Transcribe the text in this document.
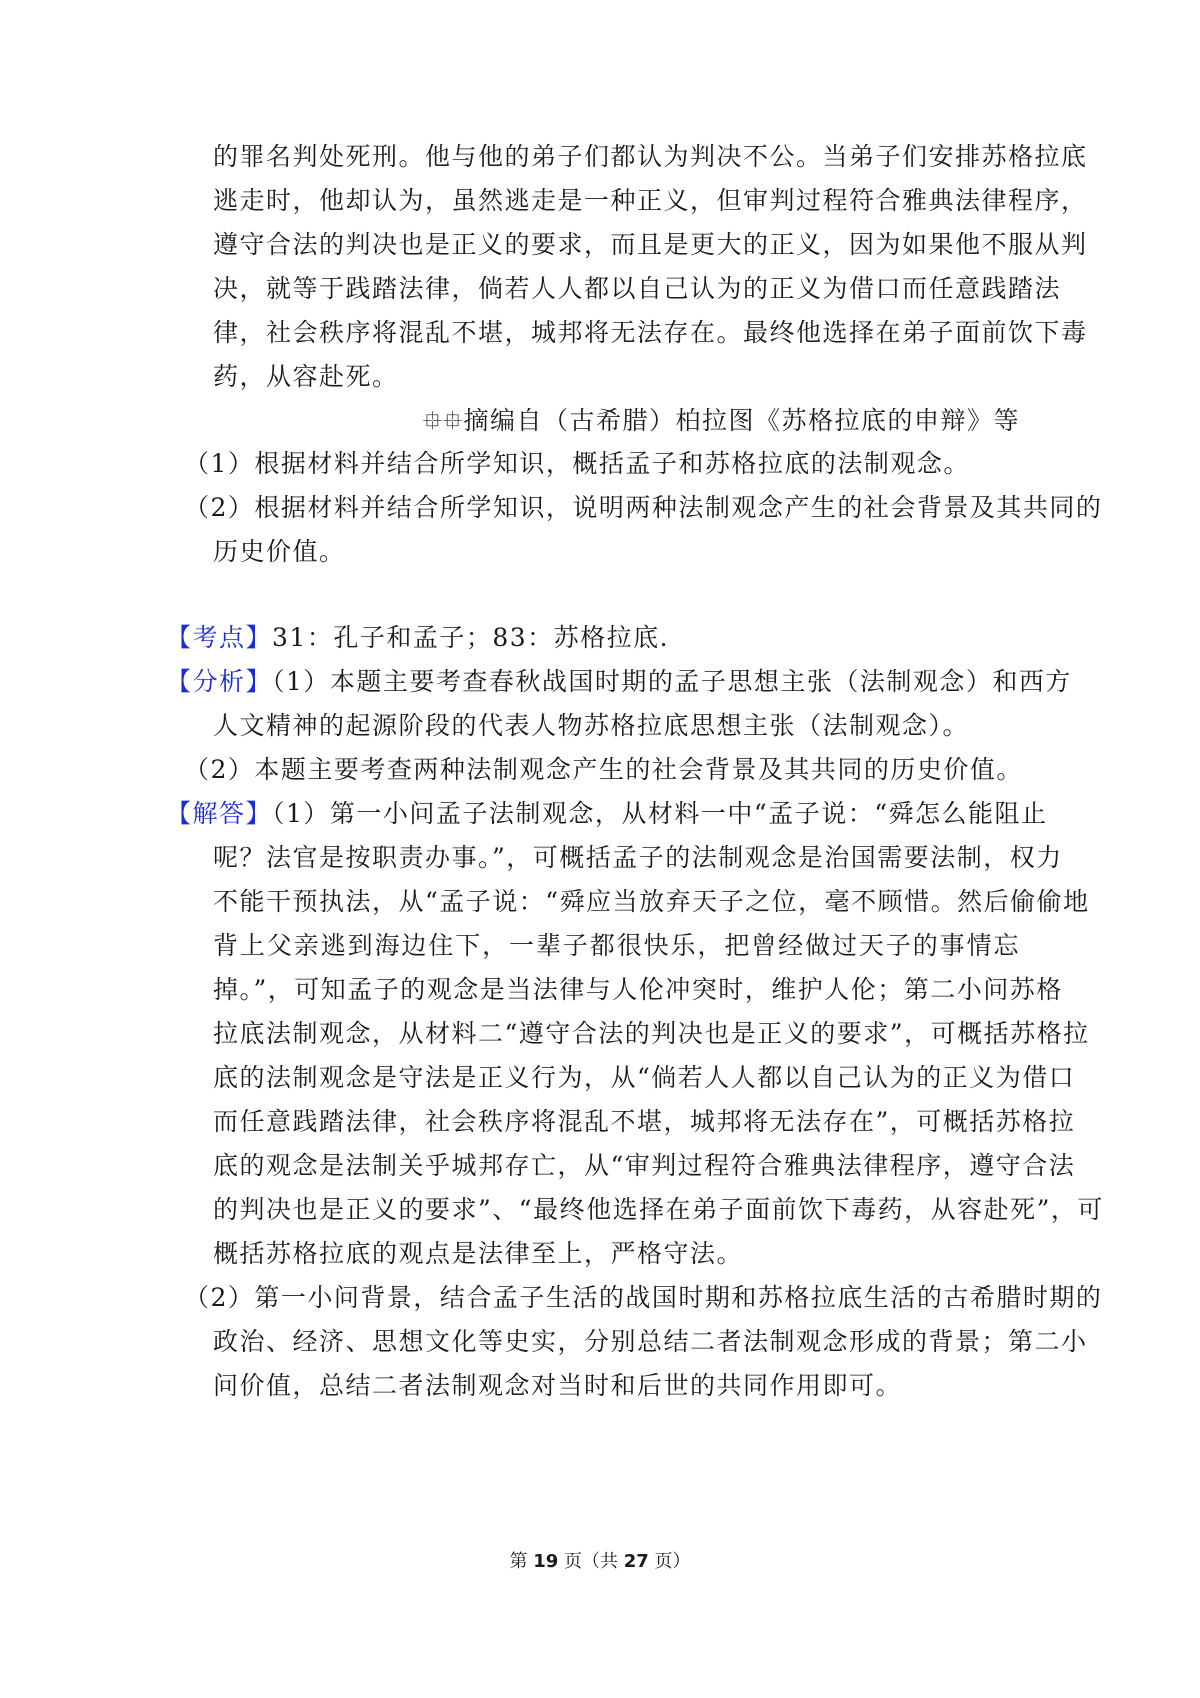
的罪名判处死刑。他与他的弟子们都认为判决不公。当弟子们安排苏格拉底
逃走时，他却认为，虽然逃走是一种正义，但审判过程符合雅典法律程序，
遵守合法的判决也是正义的要求，而且是更大的正义，因为如果他不服从判
决，就等于践踏法律，倘若人人都以自己认为的正义为借口而任意践踏法
律，社会秩序将混乱不堪，城邦将无法存在。最终他选择在弟子面前饮下毒
药，从容赴死。
⯐⯐摘编自（古希腊）柏拉图《苏格拉底的申辩》等
（1）根据材料并结合所学知识，概括孟子和苏格拉底的法制观念。
（2）根据材料并结合所学知识，说明两种法制观念产生的社会背景及其共同的
历史价值。
【考点】31：孔子和孟子；83：苏格拉底.
【分析】（1）本题主要考查春秋战国时期的孟子思想主张（法制观念）和西方
人文精神的起源阶段的代表人物苏格拉底思想主张（法制观念）。
（2）本题主要考查两种法制观念产生的社会背景及其共同的历史价值。
【解答】（1）第一小问孟子法制观念，从材料一中“孟子说：“舜怎么能阻止
呢？法官是按职责办事。”，可概括孟子的法制观念是治国需要法制，权力
不能干预执法，从“孟子说：“舜应当放弃天子之位，毫不顾惜。然后偷偷地
背上父亲逃到海边住下，一辈子都很快乐，把曾经做过天子的事情忘
掉。”，可知孟子的观念是当法律与人伦冲突时，维护人伦；第二小问苏格
拉底法制观念，从材料二“遵守合法的判决也是正义的要求”，可概括苏格拉
底的法制观念是守法是正义行为，从“倘若人人都以自己认为的正义为借口
而任意践踏法律，社会秩序将混乱不堪，城邦将无法存在”，可概括苏格拉
底的观念是法制关乎城邦存亡，从“审判过程符合雅典法律程序，遵守合法
的判决也是正义的要求”、“最终他选择在弟子面前饮下毒药，从容赴死”，可
概括苏格拉底的观点是法律至上，严格守法。
（2）第一小问背景，结合孟子生活的战国时期和苏格拉底生活的古希腊时期的
政治、经济、思想文化等史实，分别总结二者法制观念形成的背景；第二小
问价值，总结二者法制观念对当时和后世的共同作用即可。
第 19 页（共 27 页）
